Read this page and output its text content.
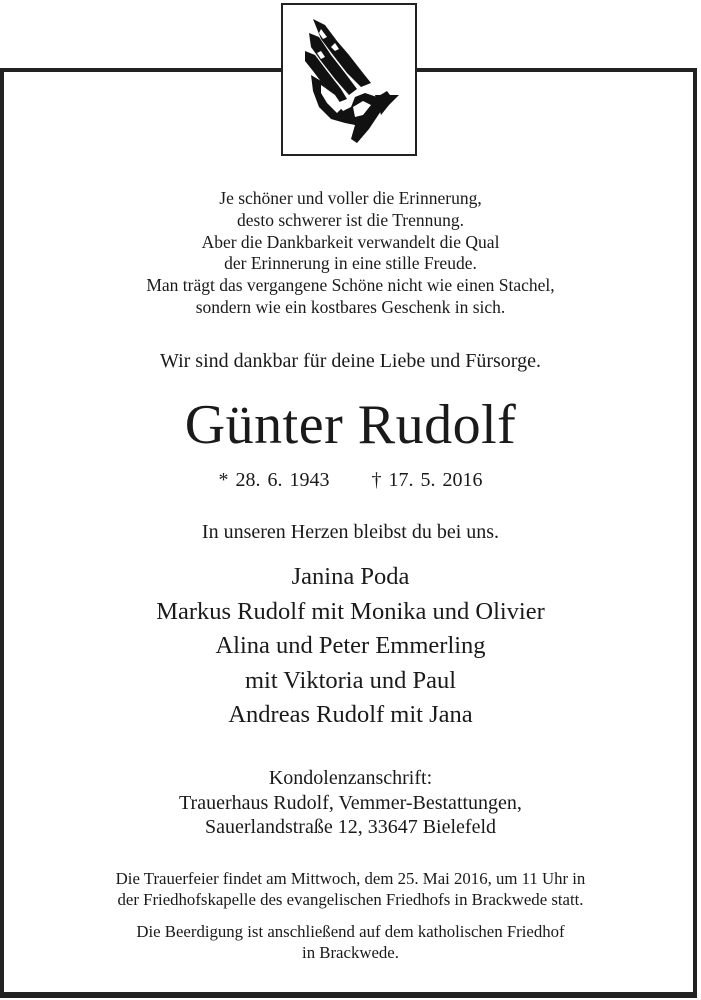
Je schöner und voller die Erinnerung,
desto schwerer ist die Trennung.
Aber die Dankbarkeit verwandelt die Qual
der Erinnerung in eine stille Freude.
Man trägt das vergangene Schöne nicht wie einen Stachel,
sondern wie ein kostbares Geschenk in sich.
Wir sind dankbar für deine Liebe und Fürsorge.
Günter Rudolf
* 28. 6. 1943 † 17. 5. 2016
In unseren Herzen bleibst du bei uns.
Janina Poda
Markus Rudolf mit Monika und Olivier
Alina und Peter Emmerling
mit Viktoria und Paul
Andreas Rudolf mit Jana
Kondolenzanschrift:
Trauerhaus Rudolf, Vemmer-Bestattungen,
Sauerlandstraße 12, 33647 Bielefeld
Die Trauerfeier findet am Mittwoch, dem 25. Mai 2016, um 11 Uhr in
der Friedhofskapelle des evangelischen Friedhofs in Brackwede statt.
Die Beerdigung ist anschließend auf dem katholischen Friedhof
in Brackwede.
